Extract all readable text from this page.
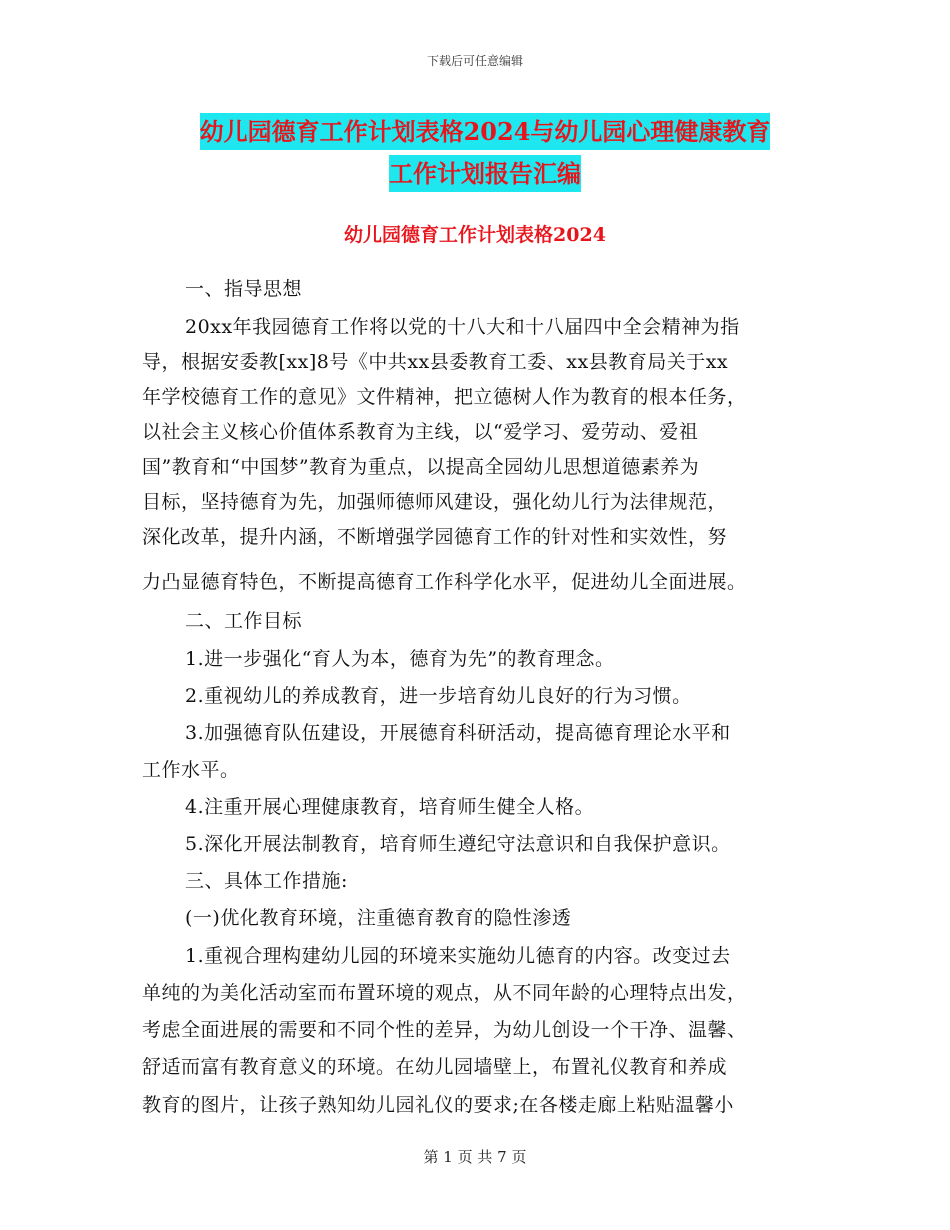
下载后可任意编辑
幼儿园德育工作计划表格2024与幼儿园心理健康教育
工作计划报告汇编
幼儿园德育工作计划表格2024
一、指导思想
20xx年我园德育工作将以党的十八大和十八届四中全会精神为指
导，根据安委教[xx]8号《中共xx县委教育工委、xx县教育局关于xx
年学校德育工作的意见》文件精神，把立德树人作为教育的根本任务，
以社会主义核心价值体系教育为主线，以“爱学习、爱劳动、爱祖
国”教育和“中国梦”教育为重点，以提高全园幼儿思想道德素养为
目标，坚持德育为先，加强师德师风建设，强化幼儿行为法律规范，
深化改革，提升内涵，不断增强学园德育工作的针对性和实效性，努
力凸显德育特色，不断提高德育工作科学化水平，促进幼儿全面进展。
二、工作目标
1.进一步强化“育人为本，德育为先”的教育理念。
2.重视幼儿的养成教育，进一步培育幼儿良好的行为习惯。
3.加强德育队伍建设，开展德育科研活动，提高德育理论水平和
工作水平。
4.注重开展心理健康教育，培育师生健全人格。
5.深化开展法制教育，培育师生遵纪守法意识和自我保护意识。
三、具体工作措施:
(一)优化教育环境，注重德育教育的隐性渗透
1.重视合理构建幼儿园的环境来实施幼儿德育的内容。改变过去
单纯的为美化活动室而布置环境的观点，从不同年龄的心理特点出发，
考虑全面进展的需要和不同个性的差异，为幼儿创设一个干净、温馨、
舒适而富有教育意义的环境。在幼儿园墙壁上，布置礼仪教育和养成
教育的图片，让孩子熟知幼儿园礼仪的要求;在各楼走廊上粘贴温馨小
第 1 页 共 7 页
